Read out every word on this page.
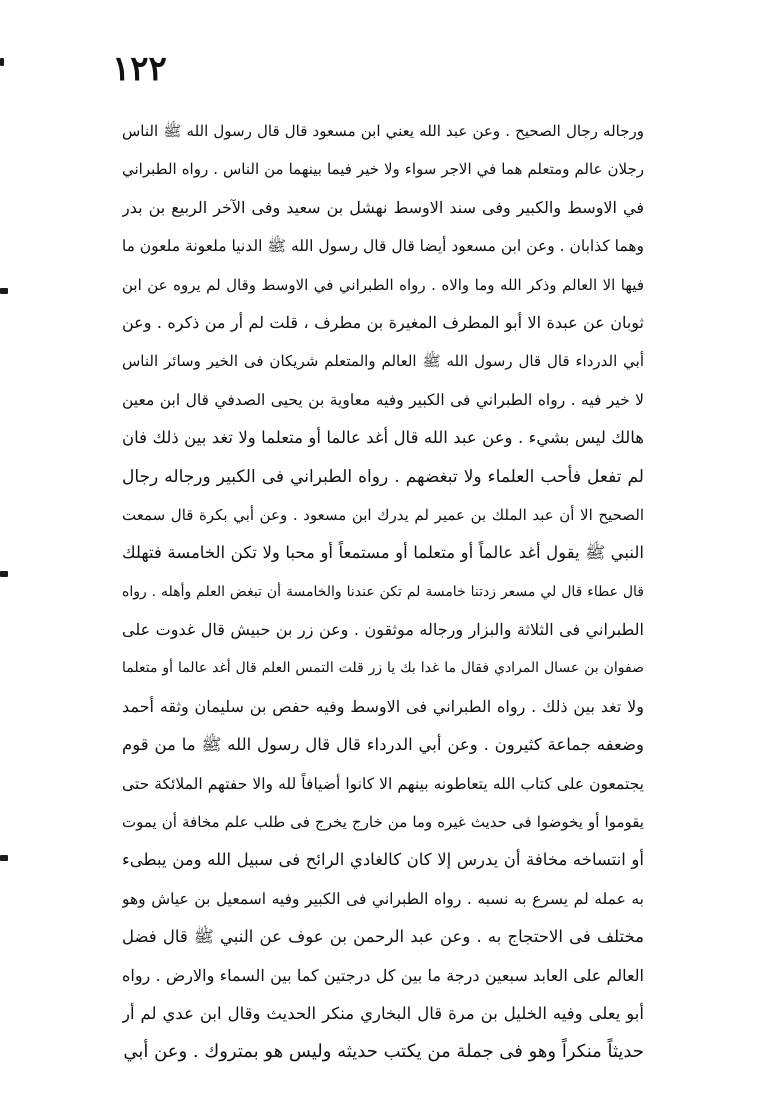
١٢٢
ورجاله رجال الصحيح . وعن عبد الله يعني ابن مسعود قال قال رسول الله ﷺ الناس
رجلان عالم ومتعلم هما في الاجر سواء ولا خير فيما بينهما من الناس . رواه الطبراني
في الاوسط والكبير وفى سند الاوسط نهشل بن سعيد وفى الآخر الربيع بن بدر
وهما كذابان . وعن ابن مسعود أيضا قال قال رسول الله ﷺ الدنيا ملعونة ملعون ما
فيها الا العالم وذكر الله وما والاه . رواه الطبراني في الاوسط وقال لم يروه عن ابن
ثوبان عن عبدة الا أبو المطرف المغيرة بن مطرف ، قلت لم أر من ذكره . وعن
أبي الدرداء قال قال رسول الله ﷺ العالم والمتعلم شريكان فى الخير وسائر الناس
لا خير فيه . رواه الطبراني فى الكبير وفيه معاوية بن يحيى الصدفي قال ابن معين
هالك ليس بشيء . وعن عبد الله قال أغد عالما أو متعلما ولا تغد بين ذلك فان
لم تفعل فأحب العلماء ولا تبغضهم . رواه الطبراني فى الكبير ورجاله رجال
الصحيح الا أن عبد الملك بن عمير لم يدرك ابن مسعود . وعن أبي بكرة قال سمعت
النبي ﷺ يقول أغد عالماً أو متعلما أو مستمعاً أو محبا ولا تكن الخامسة فتهلك
قال عطاء قال لي مسعر زدتنا خامسة لم تكن عندنا والخامسة أن تبغض العلم وأهله . رواه
الطبراني فى الثلاثة والبزار ورجاله موثقون . وعن زر بن حبيش قال غدوت على
صفوان بن عسال المرادي فقال ما غدا بك يا زر قلت التمس العلم قال أغد عالما أو متعلما
ولا تغد بين ذلك . رواه الطبراني فى الاوسط وفيه حفص بن سليمان وثقه أحمد
وضعفه جماعة كثيرون . وعن أبي الدرداء قال قال رسول الله ﷺ ما من قوم
يجتمعون على كتاب الله يتعاطونه بينهم الا كانوا أضيافاً لله والا حفتهم الملائكة حتى
يقوموا أو يخوضوا فى حديث غيره وما من خارج يخرج فى طلب علم مخافة أن يموت
أو انتساخه مخافة أن يدرس إلا كان كالغادي الرائح فى سبيل الله ومن يبطىء
به عمله لم يسرع به نسبه . رواه الطبراني فى الكبير وفيه اسمعيل بن عياش وهو
مختلف فى الاحتجاج به . وعن عبد الرحمن بن عوف عن النبي ﷺ قال فضل
العالم على العابد سبعين درجة ما بين كل درجتين كما بين السماء والارض . رواه
أبو يعلى وفيه الخليل بن مرة قال البخاري منكر الحديث وقال ابن عدي لم أر
حديثاً منكراً وهو فى جملة من يكتب حديثه وليس هو بمتروك . وعن أبي
